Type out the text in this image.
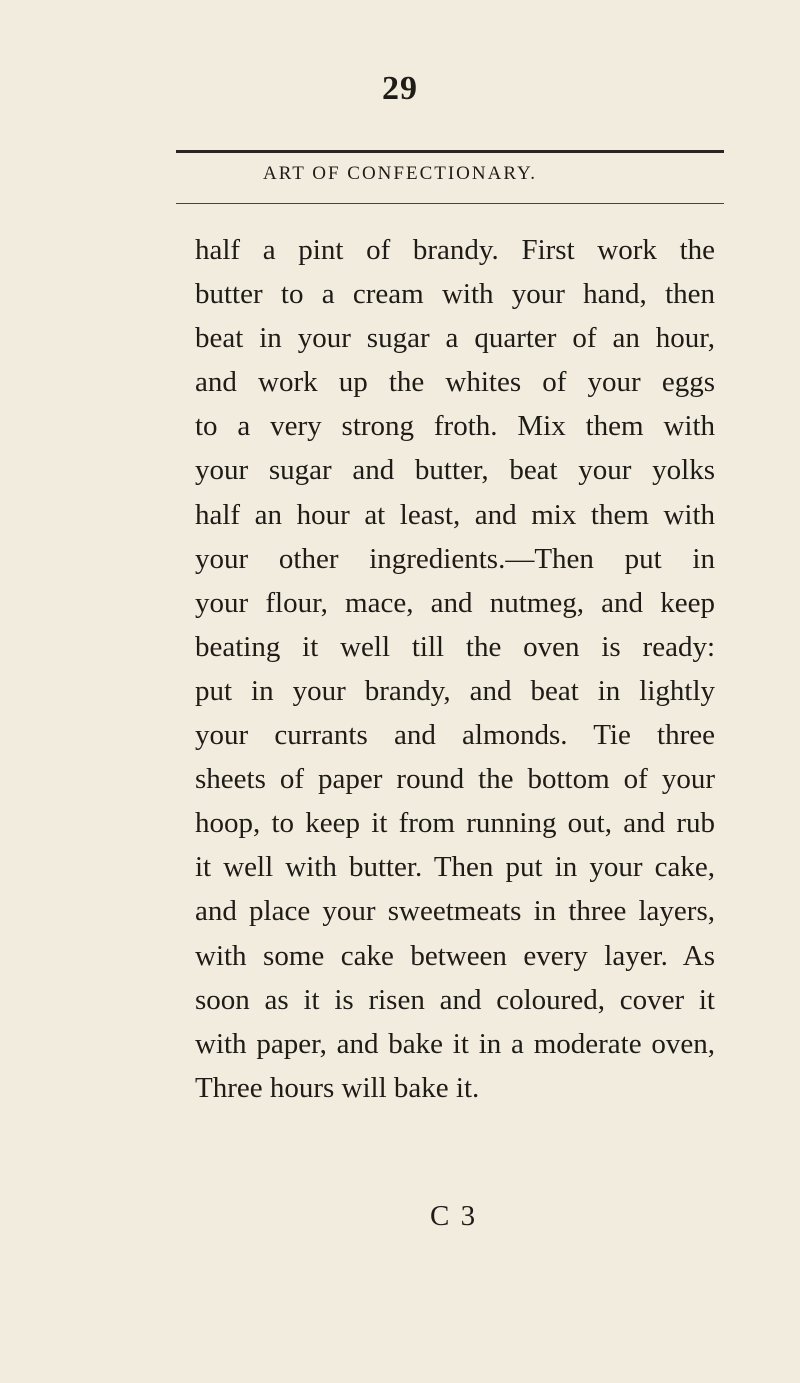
29
ART OF CONFECTIONARY.
half a pint of brandy. First work the
butter to a cream with your hand, then
beat in your sugar a quarter of an hour,
and work up the whites of your eggs
to a very strong froth. Mix them with
your sugar and butter, beat your yolks
half an hour at least, and mix them with
your other ingredients.—Then put in
your flour, mace, and nutmeg, and keep
beating it well till the oven is ready:
put in your brandy, and beat in lightly
your currants and almonds. Tie three
sheets of paper round the bottom of your
hoop, to keep it from running out, and rub
it well with butter. Then put in your cake,
and place your sweetmeats in three layers,
with some cake between every layer. As
soon as it is risen and coloured, cover it
with paper, and bake it in a moderate oven,
Three hours will bake it.
C 3
